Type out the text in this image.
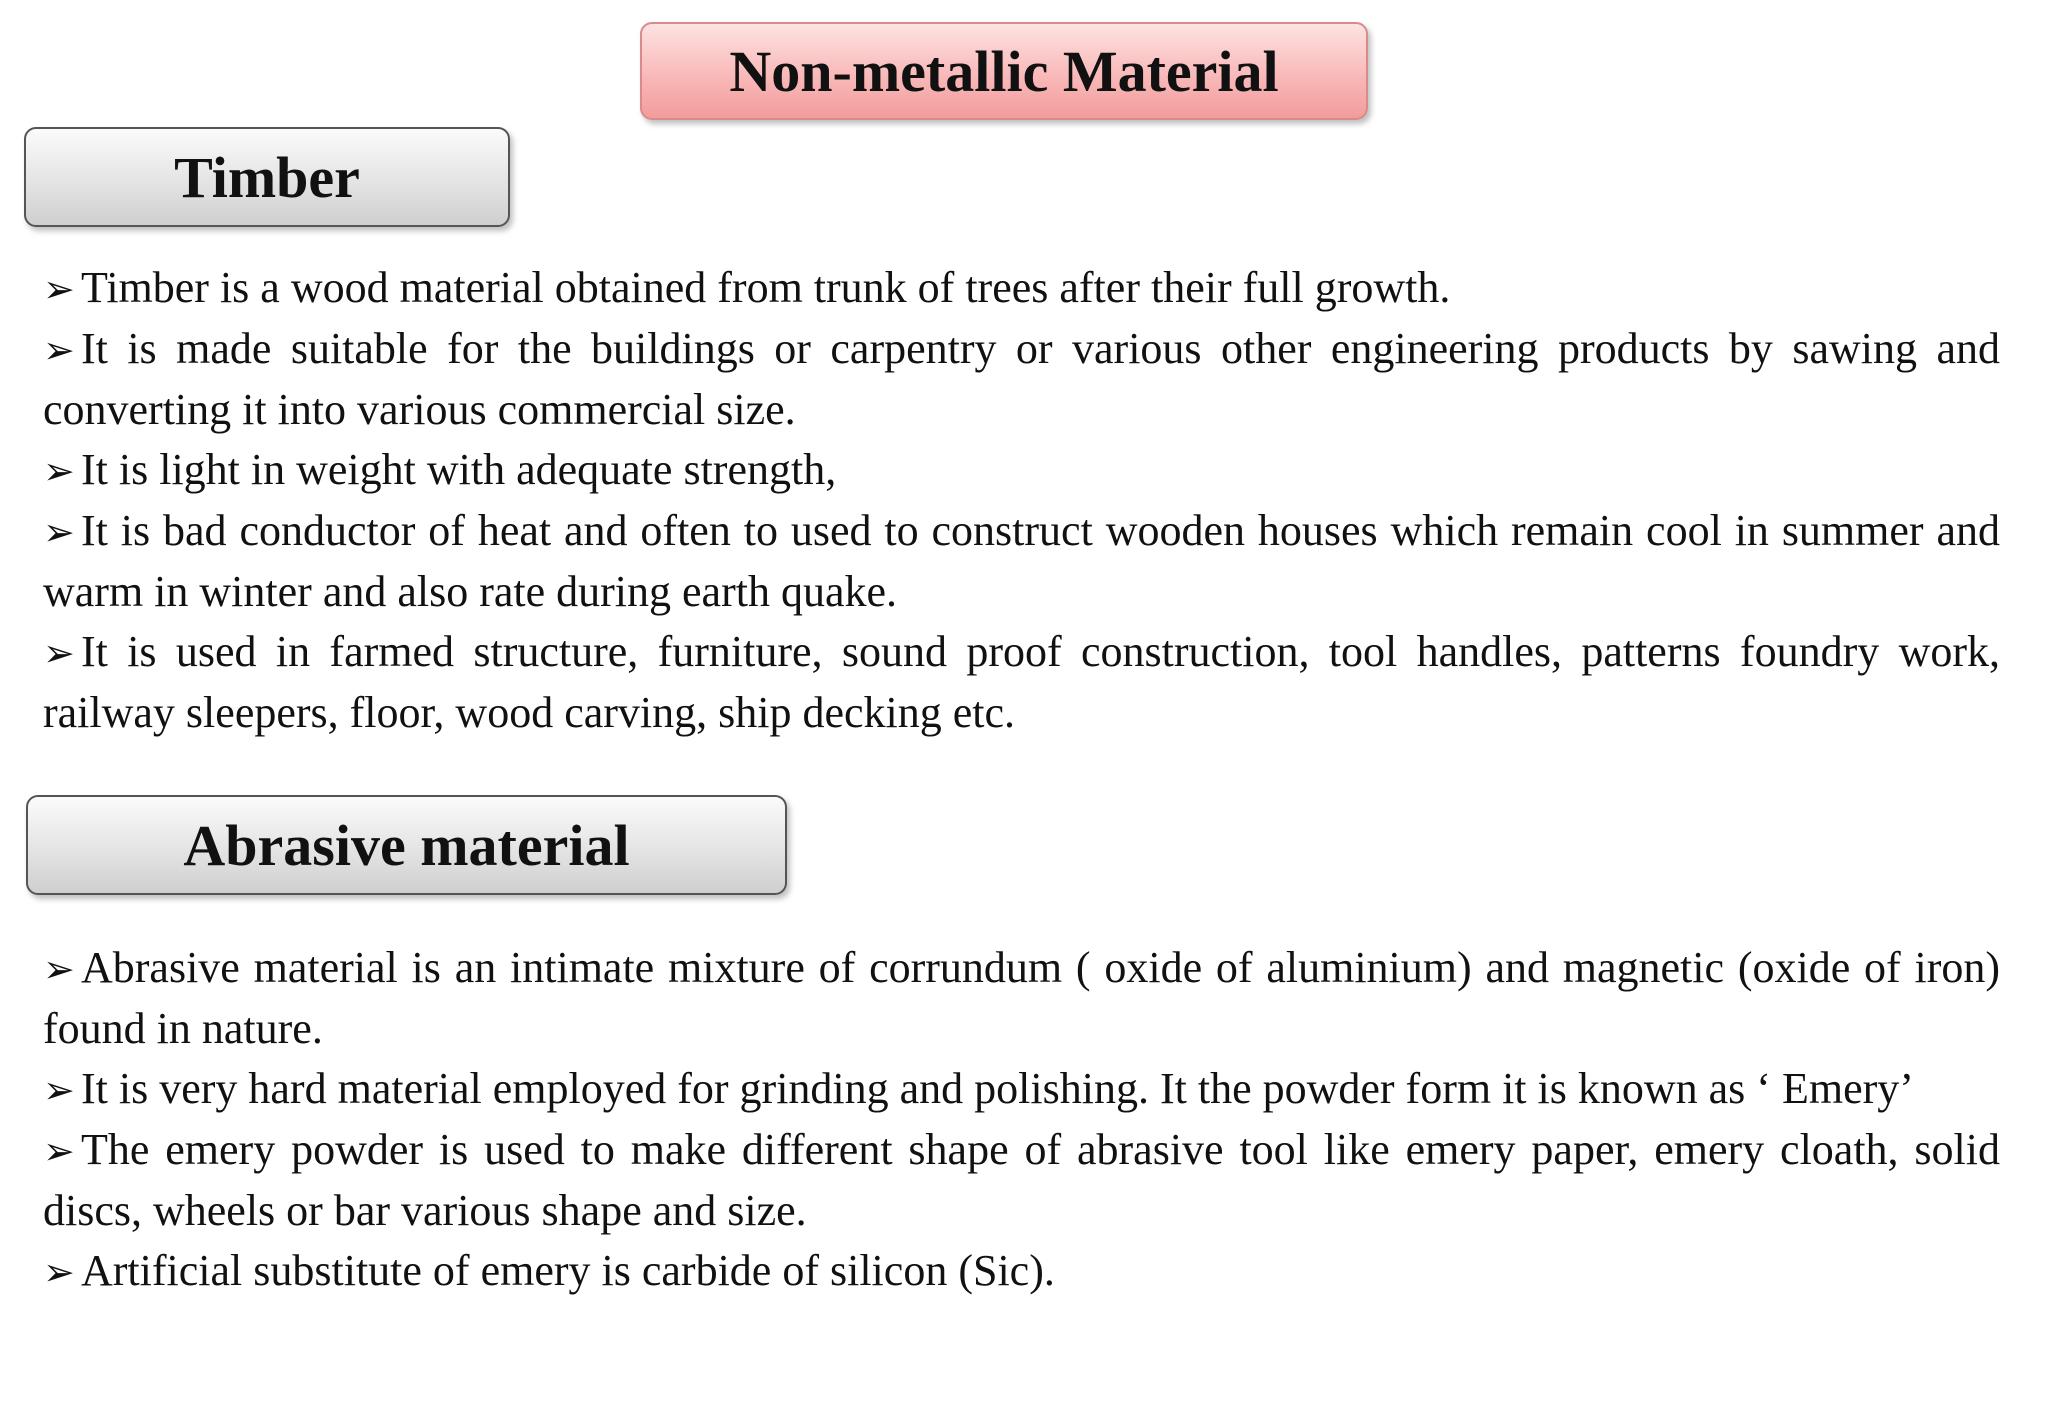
Non-metallic Material
Timber

➢ Timber is a wood material obtained from trunk of trees after their full growth.

➢ It is made suitable for the buildings or carpentry or various other engineering products by sawing and converting it into various commercial size.

➢ It is light in weight with adequate strength,

➢ It is bad conductor of heat and often to used to construct wooden houses which remain cool in summer and warm in winter and also rate during earth quake.

➢ It is used in farmed structure, furniture, sound proof construction, tool handles, patterns foundry work, railway sleepers, floor, wood carving, ship decking etc.

Abrasive material

➢ Abrasive material is an intimate mixture of corrundum ( oxide of aluminium) and magnetic (oxide of iron) found in nature.

➢ It is very hard material employed for grinding and polishing. It the powder form it is known as ‘ Emery’

➢ The emery powder is used to make different shape of abrasive tool like emery paper, emery cloath, solid discs, wheels or bar various shape and size.

➢ Artificial substitute of emery is carbide of silicon (Sic).
